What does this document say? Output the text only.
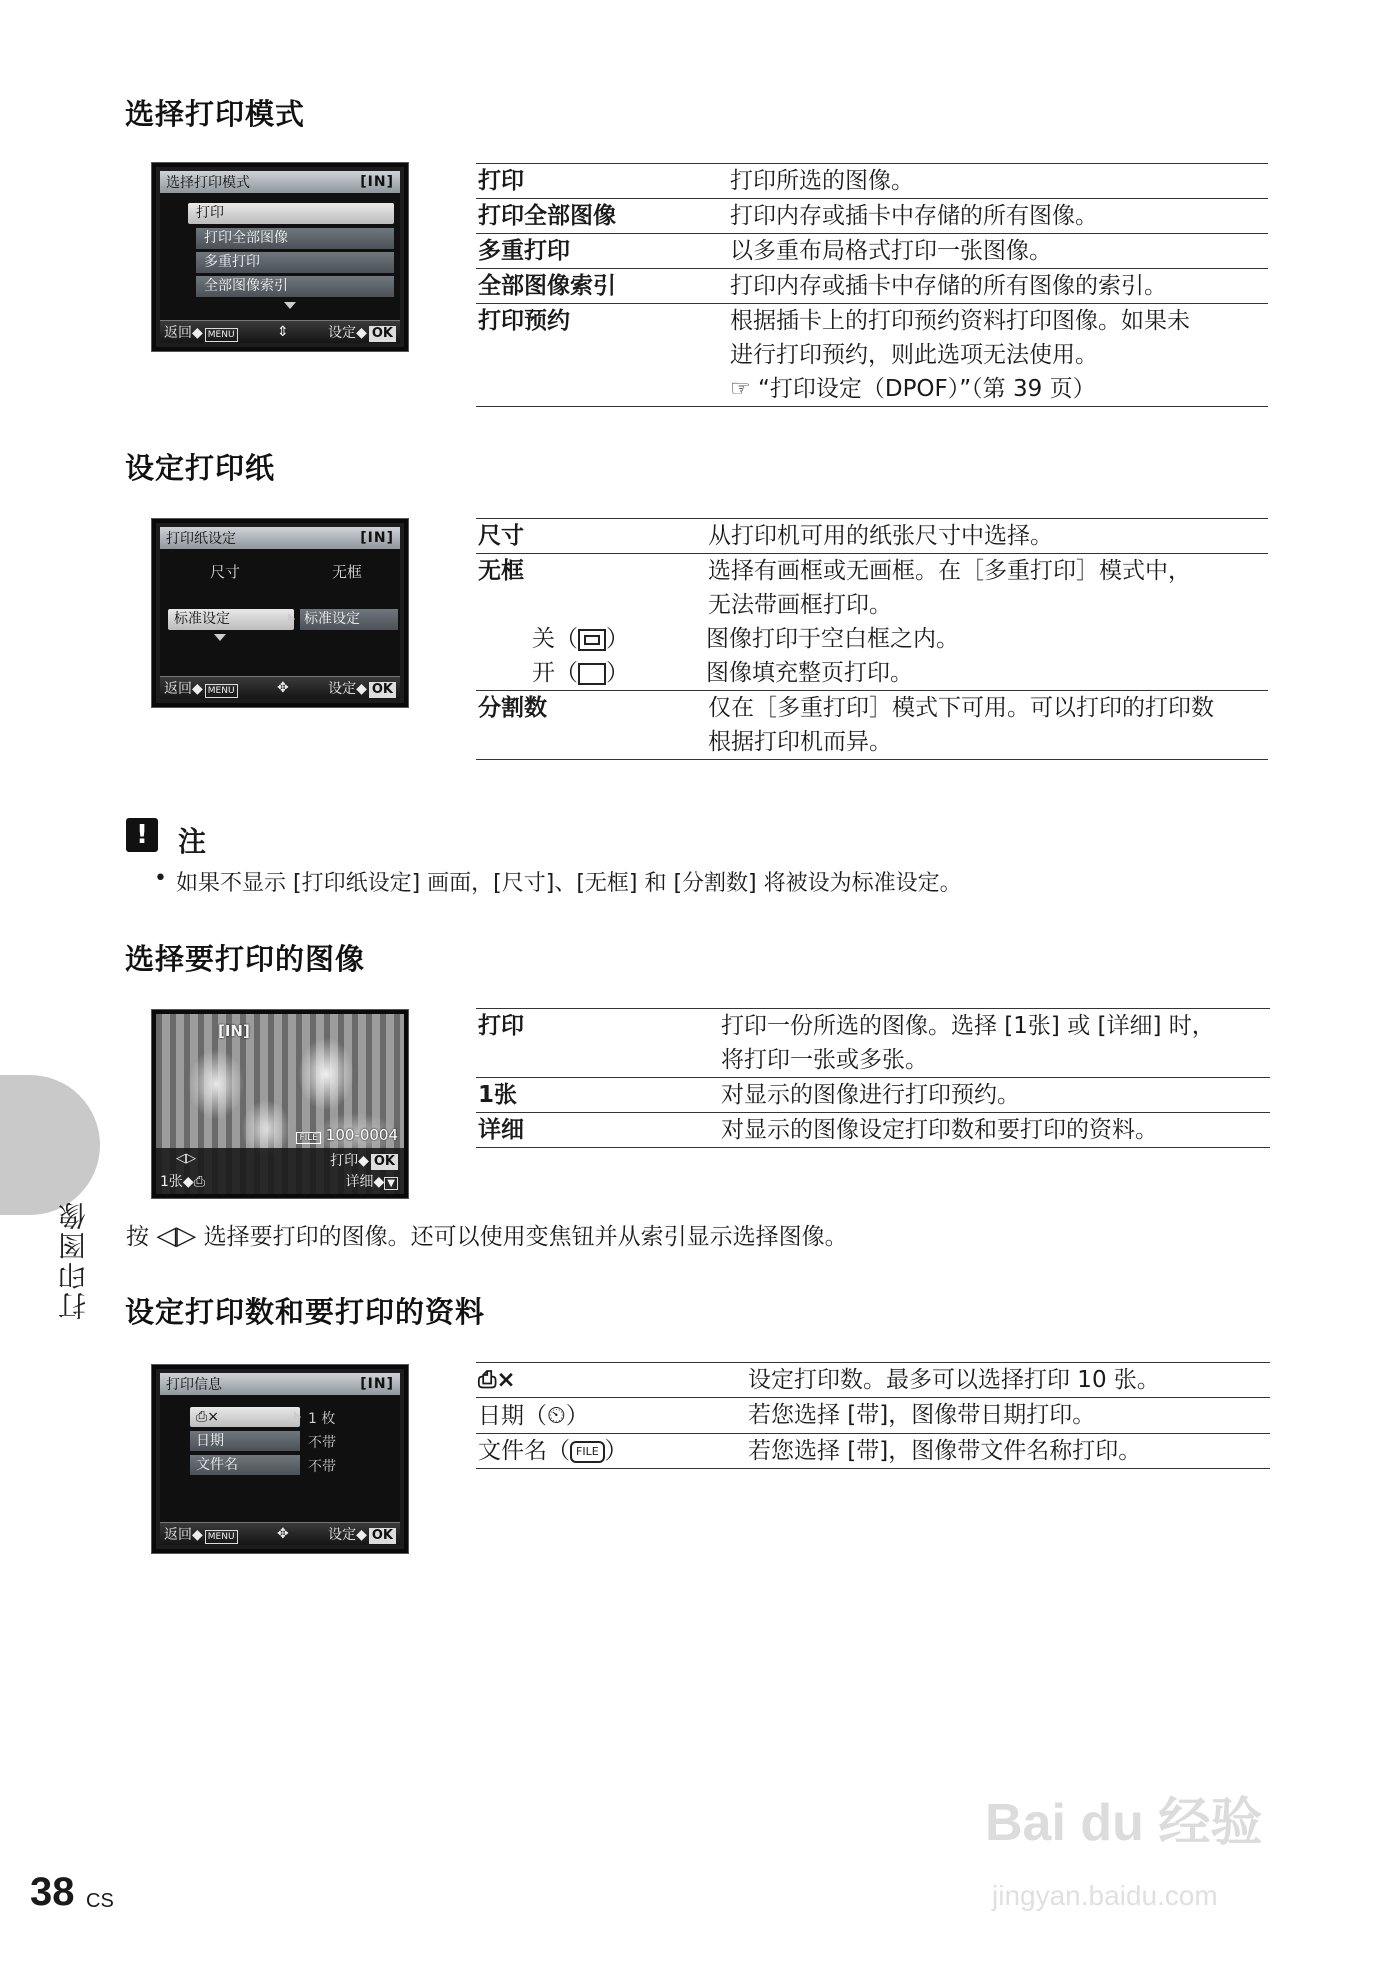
选择打印模式
选择打印模式	[IN]
返回◆ MENU	⇕	设定◆ OK
打印
打印全部图像
多重打印
全部图像索引
打印	打印所选的图像。
打印全部图像	打印内存或插卡中存储的所有图像。
多重打印	以多重布局格式打印一张图像。
全部图像索引	打印内存或插卡中存储的所有图像的索引。
打印预约	根据插卡上的打印预约资料打印图像。如果未
进行打印预约，则此选项无法使用。
☞ “打印设定（DPOF）”（第 39 页）
设定打印纸
打印纸设定	[IN]
尺寸	无框
标准设定	标准设定
返回◆ MENU	✥	设定◆ OK
尺寸	从打印机可用的纸张尺寸中选择。
无框	选择有画框或无画框。在［多重打印］模式中，
无法带画框打印。
关（ ）	图像打印于空白框之内。
开（ ）	图像填充整页打印。
分割数	仅在［多重打印］模式下可用。可以打印的打印数
根据打印机而异。
!	注
• 如果不显示 [打印纸设定] 画面，[尺寸]、[无框] 和 [分割数] 将被设为标准设定。
选择要打印的图像
[IN]
FILE 100-0004
◁▷	打印◆ OK
1张◆⎙	详细◆ ▼
打印	打印一份所选的图像。选择 [1张] 或 [详细] 时，
将打印一张或多张。
1张	对显示的图像进行打印预约。
详细	对显示的图像设定打印数和要打印的资料。
按 ◁▷ 选择要打印的图像。还可以使用变焦钮并从索引显示选择图像。
设定打印数和要打印的资料
打印信息	[IN]
⎙×
日期
文件名
1 枚
不带
不带
返回◆ MENU	✥	设定◆ OK
⎙×	设定打印数。最多可以选择打印 10 张。
日期（⏲）	若您选择 [带]，图像带日期打印。
文件名（ FILE ）	若您选择 [带]，图像带文件名称打印。
打印图像
38 CS
Bai du 经验
jingyan.baidu.com
